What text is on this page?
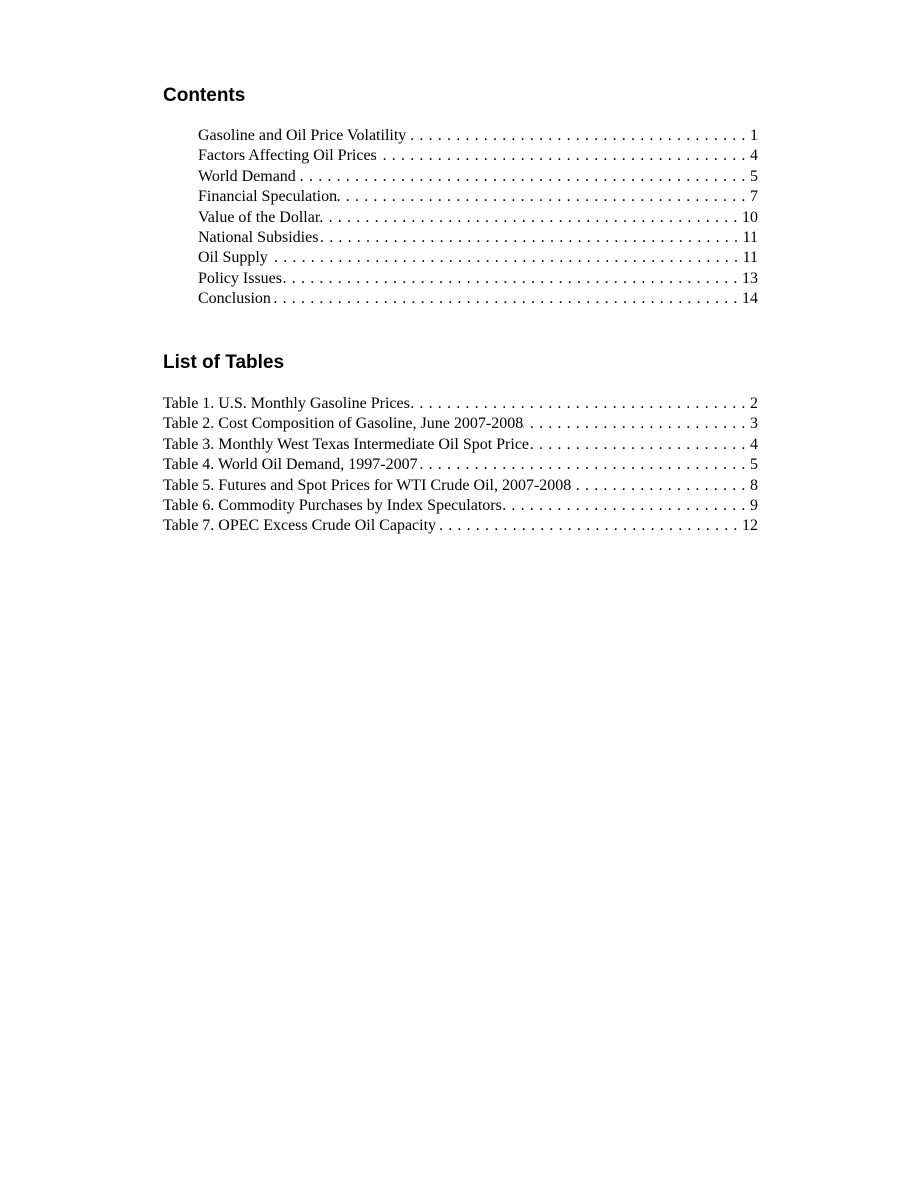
Contents
Gasoline and Oil Price Volatility . . .	1
Factors Affecting Oil Prices . . .	4
World Demand . . .	5
Financial Speculation . . .	7
Value of the Dollar . . .	10
National Subsidies . . .	11
Oil Supply . . .	11
Policy Issues . . .	13
Conclusion . . .	14
List of Tables
Table 1. U.S. Monthly Gasoline Prices . . .	2
Table 2. Cost Composition of Gasoline, June 2007-2008 . . .	3
Table 3. Monthly West Texas Intermediate Oil Spot Price . . .	4
Table 4. World Oil Demand, 1997-2007 . . .	5
Table 5. Futures and Spot Prices for WTI Crude Oil, 2007-2008 . . .	8
Table 6. Commodity Purchases by Index Speculators . . .	9
Table 7. OPEC Excess Crude Oil Capacity . . .	12
